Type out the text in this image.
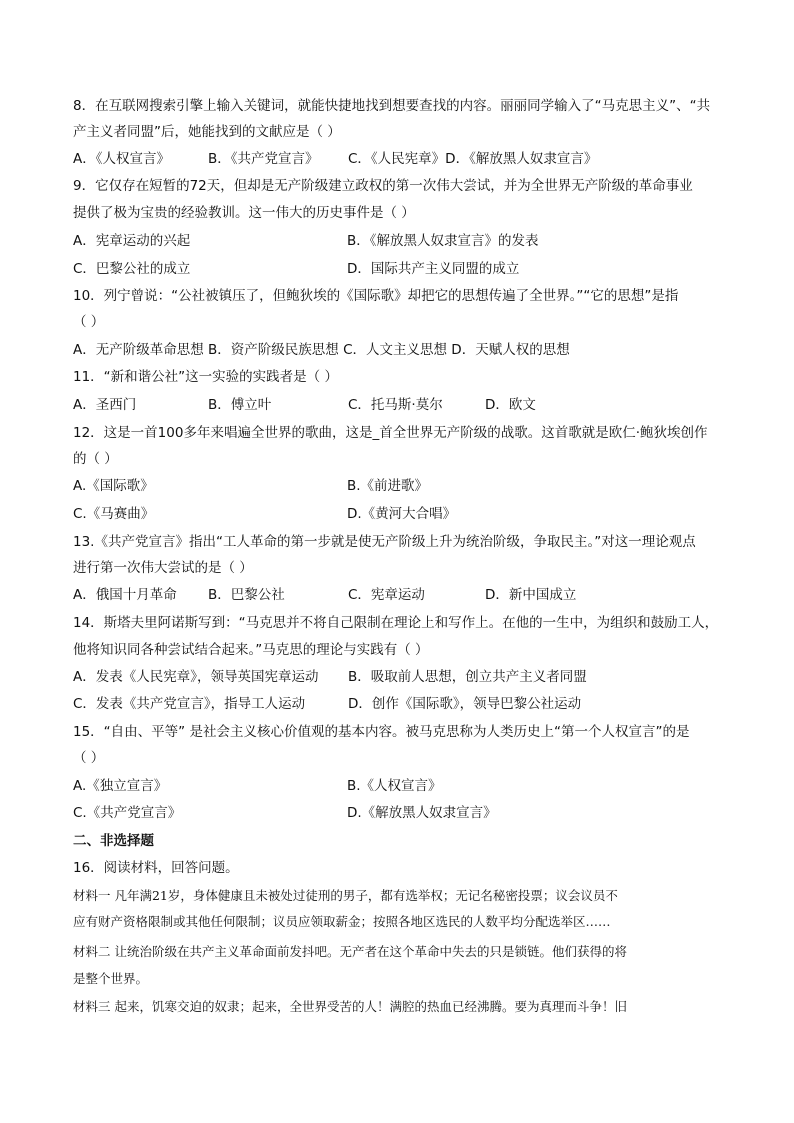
8．在互联网搜索引擎上输入关键词，就能快捷地找到想要查找的内容。丽丽同学输入了“马克思主义”、“共
产主义者同盟”后，她能找到的文献应是（ ）
A．《人权宣言》	B．《共产党宣言》 C．《人民宪章》D．《解放黑人奴隶宣言》
9．它仅存在短暂的72天，但却是无产阶级建立政权的第一次伟大尝试，并为全世界无产阶级的革命事业
提供了极为宝贵的经验教训。这一伟大的历史事件是（ ）
A．宪章运动的兴起	B．《解放黑人奴隶宣言》的发表
C．巴黎公社的成立	D．国际共产主义同盟的成立
10．列宁曾说：“公社被镇压了，但鲍狄埃的《国际歌》却把它的思想传遍了全世界。”“它的思想”是指
（ ）
A．无产阶级革命思想 B．资产阶级民族思想 C．人文主义思想 D．天赋人权的思想
11．“新和谐公社”这一实验的实践者是（ ）
A．圣西门	B．傅立叶	C．托马斯·莫尔	D．欧文
12．这是一首100多年来唱遍全世界的歌曲，这是_首全世界无产阶级的战歌。这首歌就是欧仁·鲍狄埃创作
的（ ）
A.《国际歌》	B.《前进歌》
C.《马赛曲》	D.《黄河大合唱》
13.《共产党宣言》指出“工人革命的第一步就是使无产阶级上升为统治阶级，争取民主。”对这一理论观点
进行第一次伟大尝试的是（ ）
A．俄国十月革命 B．巴黎公社	C．宪章运动	D．新中国成立
14．斯塔夫里阿诺斯写到：“马克思并不将自己限制在理论上和写作上。在他的一生中，为组织和鼓励工人，
他将知识同各种尝试结合起来。”马克思的理论与实践有（ ）
A．发表《人民宪章》，领导英国宪章运动 B．吸取前人思想，创立共产主义者同盟
C．发表《共产党宣言》，指导工人运动	D．创作《国际歌》，领导巴黎公社运动
15．“自由、平等” 是社会主义核心价值观的基本内容。被马克思称为人类历史上“第一个人权宣言”的是
（ ）
A.《独立宣言》	B.《人权宣言》
C.《共产党宣言》	D.《解放黑人奴隶宣言》
二、非选择题
16．阅读材料，回答问题。
材料一 凡年满21岁，身体健康且未被处过徒刑的男子，都有选举权；无记名秘密投票；议会议员不
应有财产资格限制或其他任何限制；议员应领取薪金；按照各地区选民的人数平均分配选举区……
材料二 让统治阶级在共产主义革命面前发抖吧。无产者在这个革命中失去的只是锁链。他们获得的将
是整个世界。
材料三 起来，饥寒交迫的奴隶；起来，全世界受苦的人！满腔的热血已经沸腾。要为真理而斗争！旧
